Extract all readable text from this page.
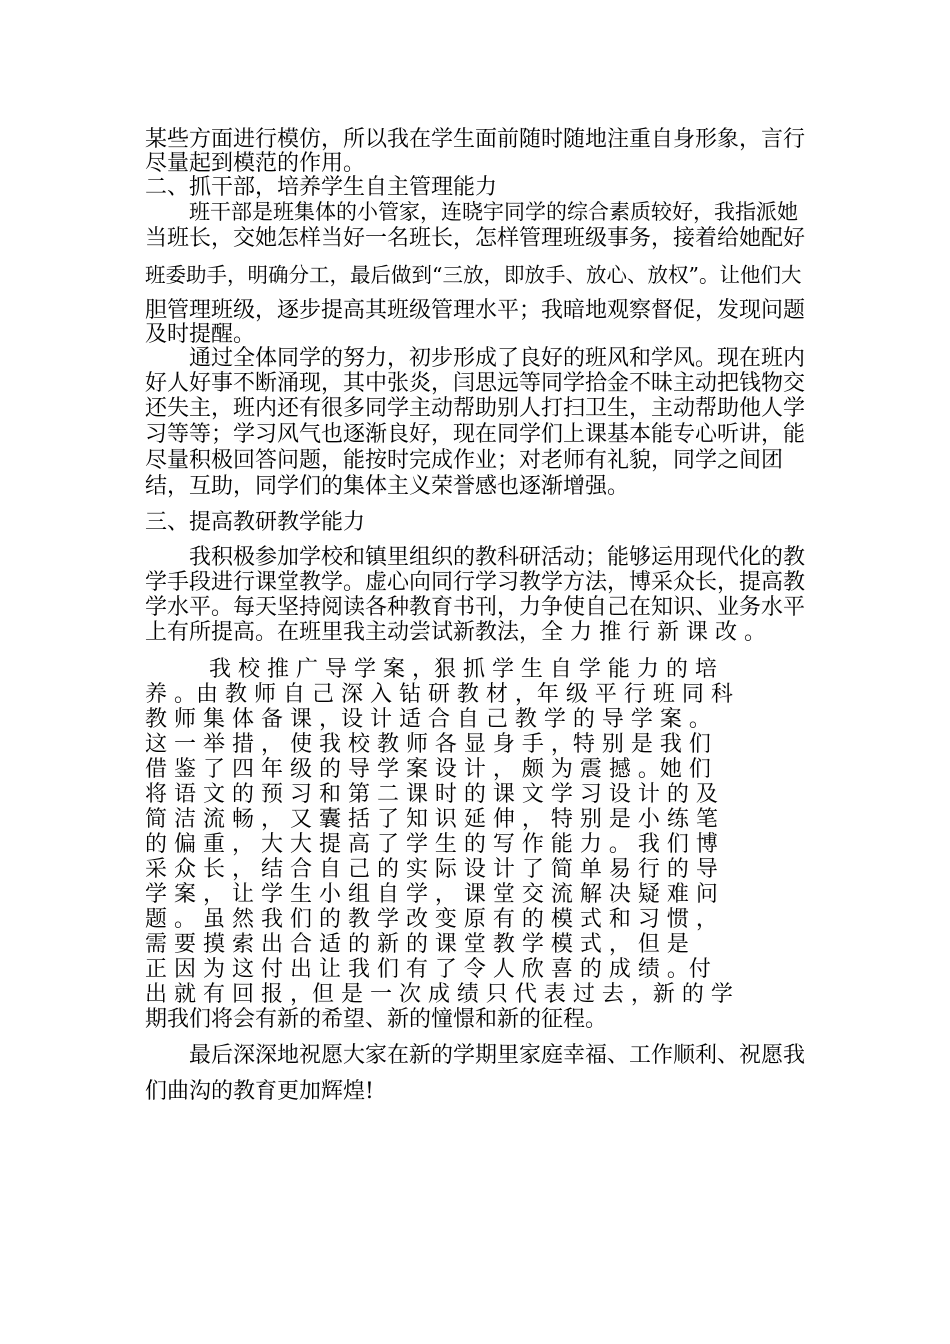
某些方面进行模仿，所以我在学生面前随时随地注重自身形象，言行
尽量起到模范的作用。
二、抓干部，培养学生自主管理能力
班干部是班集体的小管家，连晓宇同学的综合素质较好，我指派她
当班长，交她怎样当好一名班长，怎样管理班级事务，接着给她配好
班委助手，明确分工，最后做到“三放，即放手、放心、放权”。让他们大
胆管理班级，逐步提高其班级管理水平；我暗地观察督促，发现问题
及时提醒。
通过全体同学的努力，初步形成了良好的班风和学风。现在班内
好人好事不断涌现，其中张炎，闫思远等同学拾金不昧主动把钱物交
还失主，班内还有很多同学主动帮助别人打扫卫生，主动帮助他人学
习等等；学习风气也逐渐良好，现在同学们上课基本能专心听讲，能
尽量积极回答问题，能按时完成作业；对老师有礼貌，同学之间团
结，互助，同学们的集体主义荣誉感也逐渐增强。
三、提高教研教学能力
我积极参加学校和镇里组织的教科研活动；能够运用现代化的教
学手段进行课堂教学。虚心向同行学习教学方法，博采众长，提高教
学水平。每天坚持阅读各种教育书刊，力争使自己在知识、业务水平
上有所提高。在班里我主动尝试新教法，全 力 推 行 新 课 改 。
我 校 推 广 导 学 案 ，狠 抓 学 生 自 学 能 力 的 培
养 。由 教 师 自 己 深 入 钻 研 教 材 ，年 级 平 行 班 同 科
教 师 集 体 备 课 ，设 计 适 合 自 己 教 学 的 导 学 案 。
这 一 举 措 ， 使 我 校 教 师 各 显 身 手 ，特 别 是 我 们
借 鉴 了 四 年 级 的 导 学 案 设 计 ， 颇 为 震 撼 。她 们
将 语 文 的 预 习 和 第 二 课 时 的 课 文 学 习 设 计 的 及
简 洁 流 畅 ， 又 囊 括 了 知 识 延 伸 ， 特 别 是 小 练 笔
的 偏 重 ， 大 大 提 高 了 学 生 的 写 作 能 力 。 我 们 博
采 众 长 ， 结 合 自 己 的 实 际 设 计 了 简 单 易 行 的 导
学 案 ， 让 学 生 小 组 自 学 ， 课 堂 交 流 解 决 疑 难 问
题 。 虽 然 我 们 的 教 学 改 变 原 有 的 模 式 和 习 惯 ，
需 要 摸 索 出 合 适 的 新 的 课 堂 教 学 模 式 ， 但 是
正 因 为 这 付 出 让 我 们 有 了 令 人 欣 喜 的 成 绩 。付
出 就 有 回 报 ，但 是 一 次 成 绩 只 代 表 过 去 ，新 的 学
期我们将会有新的希望、新的憧憬和新的征程。
最后深深地祝愿大家在新的学期里家庭幸福、工作顺利、祝愿我
们曲沟的教育更加辉煌!
